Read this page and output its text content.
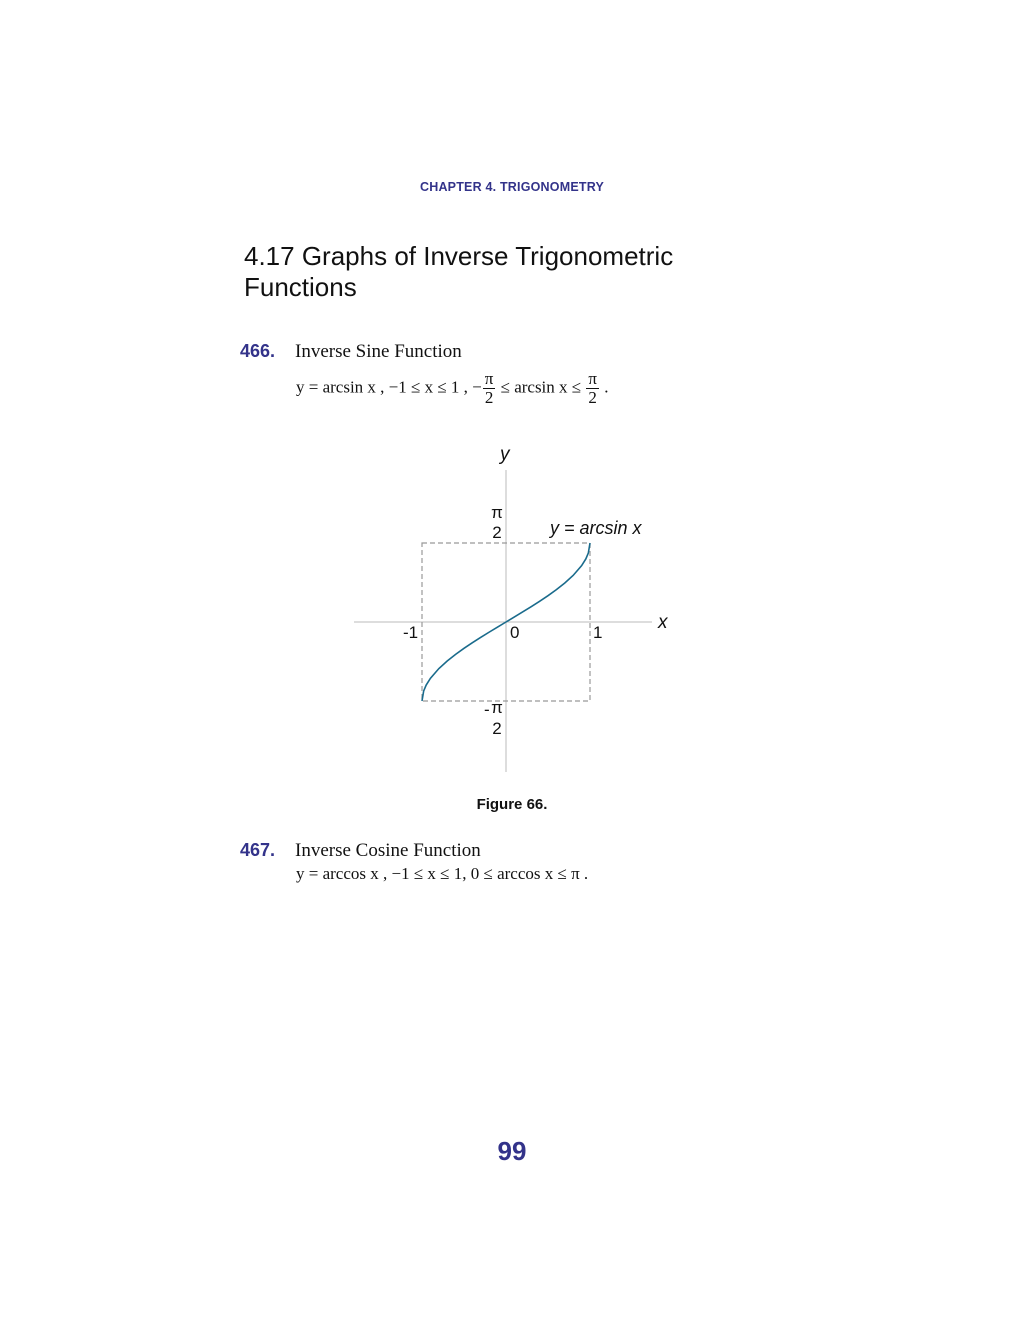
CHAPTER 4. TRIGONOMETRY
4.17 Graphs of Inverse Trigonometric
Functions
466. Inverse Sine Function
y = arcsin x , −1 ≤ x ≤ 1 , − $\frac{\pi}{2} \le \arcsin x \le \frac{\pi}{2}$ .
y
x
-1	0	1
π
2
- π
2
y = arcsin x
Figure 66.
467. Inverse Cosine Function
y = arccos x , −1 ≤ x ≤ 1, 0 ≤ arccos x ≤ π .
99
